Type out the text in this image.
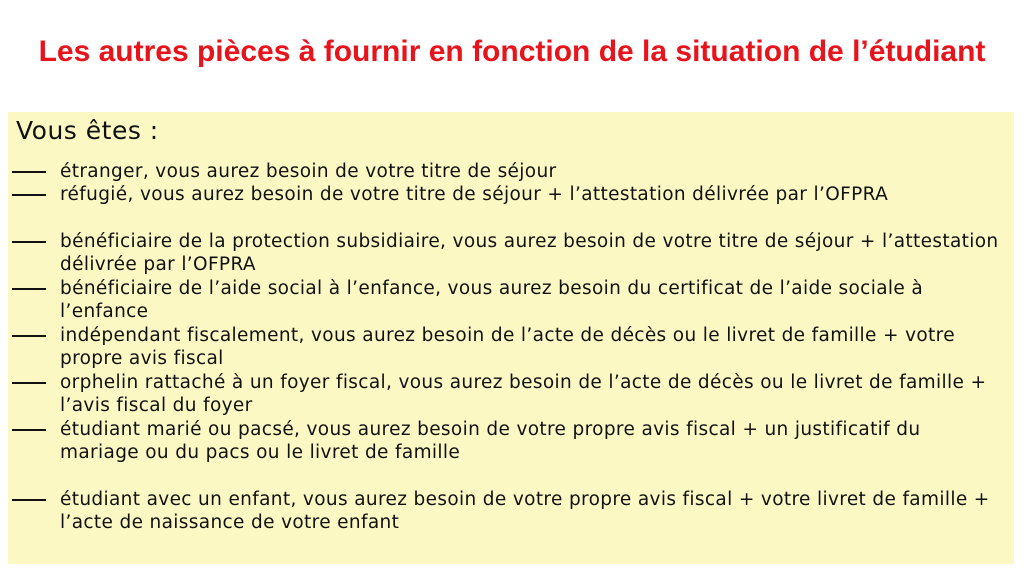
Les autres pièces à fournir en fonction de la situation de l’étudiant
Vous êtes :
étranger, vous aurez besoin de votre titre de séjour
réfugié, vous aurez besoin de votre titre de séjour + l’attestation délivrée par l’OFPRA
bénéficiaire de la protection subsidiaire, vous aurez besoin de votre titre de séjour + l’attestation délivrée par l’OFPRA
bénéficiaire de l’aide social à l’enfance, vous aurez besoin du certificat de l’aide sociale à l’enfance
indépendant fiscalement, vous aurez besoin de l’acte de décès ou le livret de famille + votre propre avis fiscal
orphelin rattaché à un foyer fiscal, vous aurez besoin de l’acte de décès ou le livret de famille + l’avis fiscal du foyer
étudiant marié ou pacsé, vous aurez besoin de votre propre avis fiscal + un justificatif du mariage ou du pacs ou le livret de famille
étudiant avec un enfant, vous aurez besoin de votre propre avis fiscal + votre livret de famille + l’acte de naissance de votre enfant
